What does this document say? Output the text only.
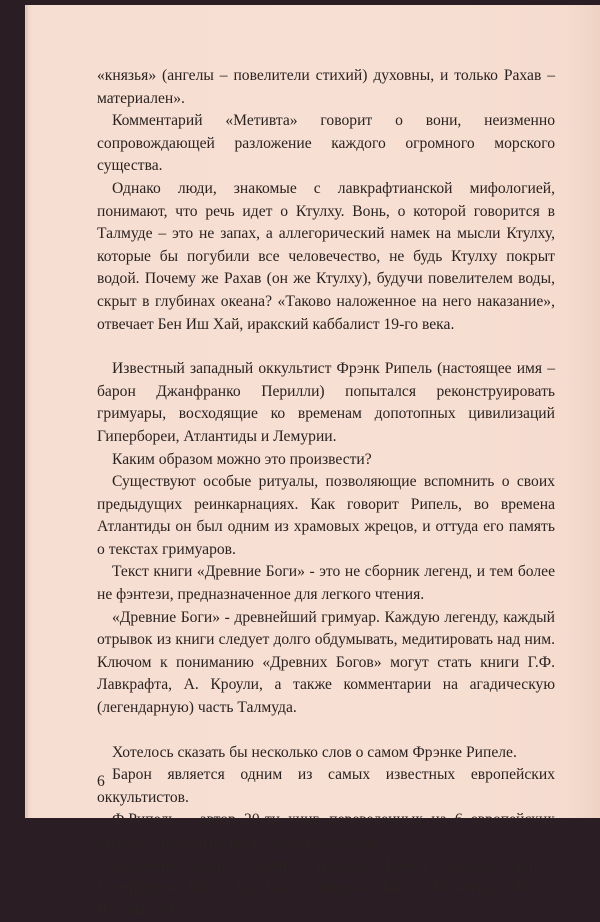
«князья» (ангелы – повелители стихий) духовны, и только Рахав – материален».

Комментарий «Метивта» говорит о вони, неизменно сопровождающей разложение каждого огромного морского существа.

Однако люди, знакомые с лавкрафтианской мифологией, понимают, что речь идет о Ктулху. Вонь, о которой говорится в Талмуде – это не запах, а аллегорический намек на мысли Ктулху, которые бы погубили все человечество, не будь Ктулху покрыт водой. Почему же Рахав (он же Ктулху), будучи повелителем воды, скрыт в глубинах океана? «Таково наложенное на него наказание», отвечает Бен Иш Хай, иракский каббалист 19-го века.

Известный западный оккультист Фрэнк Рипель (настоящее имя – барон Джанфранко Перилли) попытался реконструировать гримуары, восходящие ко временам допотопных цивилизаций Гипербореи, Атлантиды и Лемурии.

Каким образом можно это произвести?

Существуют особые ритуалы, позволяющие вспомнить о своих предыдущих реинкарнациях. Как говорит Рипель, во времена Атлантиды он был одним из храмовых жрецов, и оттуда его память о текстах гримуаров.

Текст книги «Древние Боги» - это не сборник легенд, и тем более не фэнтези, предназначенное для легкого чтения.

«Древние Боги» - древнейший гримуар. Каждую легенду, каждый отрывок из книги следует долго обдумывать, медитировать над ним. Ключом к пониманию «Древних Богов» могут стать книги Г.Ф. Лавкрафта, А. Кроули, а также комментарии на агадическую (легендарную) часть Талмуда.

Хотелось сказать бы несколько слов о самом Фрэнке Рипеле.

Барон является одним из самых известных европейских оккультистов.

Ф.Рипель – автор 20-ти книг, переведенных на 6 европейских языков. Среди этих книг такие труды, как:

«Древние Боги»: Книга Тифона, Книга Ломара, Книга Гипербореи, Книга Му, Книга Лемурии, Книга Атлантиды, Книга Ихтона и Ми-

6
